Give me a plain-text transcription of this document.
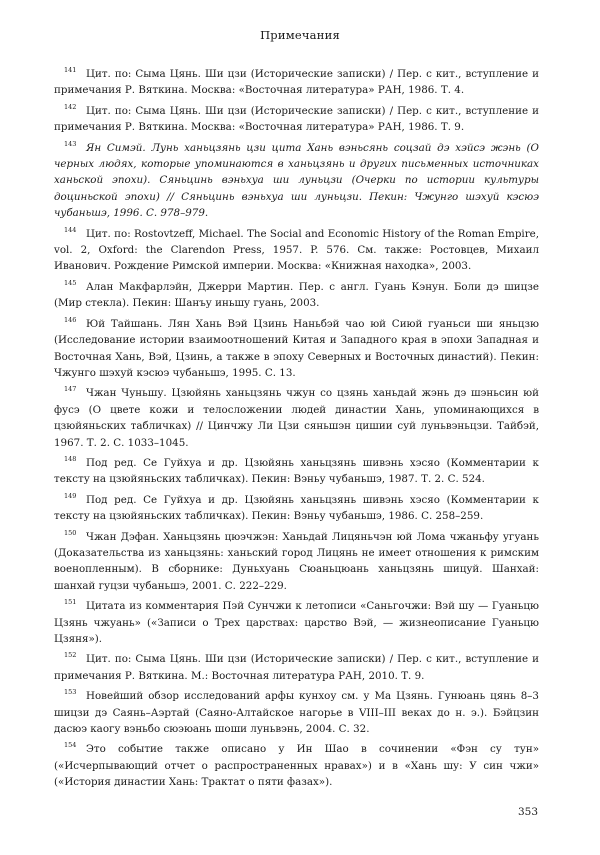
Примечания

141 Цит. по: Сыма Цянь. Ши цзи (Исторические записки) / Пер. с кит., вступление и примечания Р. Вяткина. Москва: «Восточная литература» РАН, 1986. Т. 4.

142 Цит. по: Сыма Цянь. Ши цзи (Исторические записки) / Пер. с кит., вступление и примечания Р. Вяткина. Москва: «Восточная литература» РАН, 1986. Т. 9.

143 Ян Симэй. Лунь ханьцзянь цзи цита Хань вэньсянь соцзай дэ хэйсэ жэнь (О черных людях, которые упоминаются в ханьцзянь и других письменных источниках ханьской эпохи). Сяньцинь вэньхуа ши луньцзи (Очерки по истории культуры доциньской эпохи) // Сяньцинь вэньхуа ши луньцзи. Пекин: Чжунго шэхуй кэсюэ чубаньшэ, 1996. С. 978–979.

144 Цит. по: Rostovtzeff, Michael. The Social and Economic History of the Roman Empire, vol. 2, Oxford: the Clarendon Press, 1957. P. 576. См. также: Ростовцев, Михаил Иванович. Рождение Римской империи. Москва: «Книжная находка», 2003.

145 Алан Макфарлэйн, Джерри Мартин. Пер. с англ. Гуань Кэнун. Боли дэ шицзе (Мир стекла). Пекин: Шанъу иньшу гуань, 2003.

146 Юй Тайшань. Лян Хань Вэй Цзинь Наньбэй чао юй Сиюй гуаньси ши яньцзю (Исследование истории взаимоотношений Китая и Западного края в эпохи Западная и Восточная Хань, Вэй, Цзинь, а также в эпоху Северных и Восточных династий). Пекин: Чжунго шэхуй кэсюэ чубаньшэ, 1995. С. 13.

147 Чжан Чуньшу. Цзюйянь ханьцзянь чжун со цзянь ханьдай жэнь дэ шэньсин юй фусэ (О цвете кожи и телосложении людей династии Хань, упоминающихся в цзюйяньских табличках) // Цинчжу Ли Цзи сяньшэн цишии суй луньвэньцзи. Тайбэй, 1967. Т. 2. С. 1033–1045.

148 Под ред. Се Гуйхуа и др. Цзюйянь ханьцзянь шивэнь хэсяо (Комментарии к тексту на цзюйяньских табличках). Пекин: Вэньу чубаньшэ, 1987. Т. 2. С. 524.

149 Под ред. Се Гуйхуа и др. Цзюйянь ханьцзянь шивэнь хэсяо (Комментарии к тексту на цзюйяньских табличках). Пекин: Вэньу чубаньшэ, 1986. С. 258–259.

150 Чжан Дэфан. Ханьцзянь цюэчжэн: Ханьдай Лицяньчэн юй Лома чжаньфу угуань (Доказательства из ханьцзянь: ханьский город Лицянь не имеет отношения к римским военопленным). В сборнике: Дуньхуань Сюаньцюань ханьцзянь шицуй. Шанхай: шанхай гуцзи чубаньшэ, 2001. С. 222–229.

151 Цитата из комментария Пэй Сунчжи к летописи «Саньгочжи: Вэй шу — Гуаньцю Цзянь чжуань» («Записи о Трех царствах: царство Вэй, — жизнеописание Гуаньцю Цзяня»).

152 Цит. по: Сыма Цянь. Ши цзи (Исторические записки) / Пер. с кит., вступление и примечания Р. Вяткина. М.: Восточная литература РАН, 2010. Т. 9.

153 Новейший обзор исследований арфы кунхоу см. у Ма Цзянь. Гунюань цянь 8–3 шицзи дэ Саянь–Аэртай (Саяно-Алтайское нагорье в VIII–III веках до н. э.). Бэйцзин дасюэ каогу вэньбо сюэюань шоши луньвэнь, 2004. С. 32.

154 Это событие также описано у Ин Шао в сочинении «Фэн су тун» («Исчерпывающий отчет о распространенных нравах») и в «Хань шу: У син чжи» («История династии Хань: Трактат о пяти фазах»).

353
